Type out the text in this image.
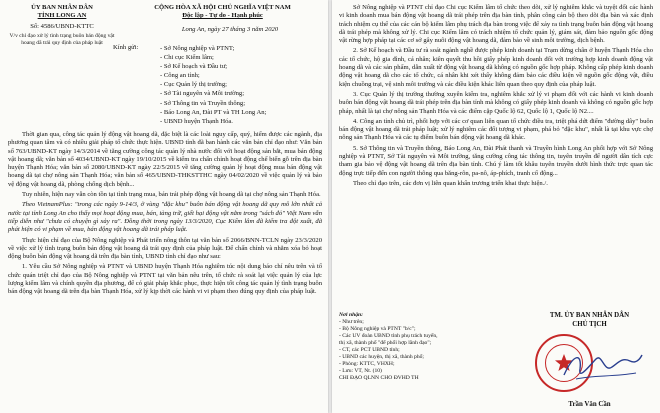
ỦY BAN NHÂN DÂN
TỈNH LONG AN
Số: 4586/UBND-KTTC
V/v chỉ đạo xử lý tình trạng buôn bán động vật hoang dã trái quy định của pháp luật
CỘNG HÒA XÃ HỘI CHỦ NGHĨA VIỆT NAM
Độc lập - Tự do - Hạnh phúc
Long An, ngày 27 tháng 3 năm 2020
Kính gửi:	- Sở Nông nghiệp và PTNT;

- Chi cục Kiểm lâm;

- Sở Kế hoạch và Đầu tư;

- Công an tỉnh;

- Cục Quản lý thị trường;

- Sở Tài nguyên và Môi trường;

- Sở Thông tin và Truyền thông;

- Báo Long An, Đài PT và TH Long An;

- UBND huyện Thạnh Hóa.

Thời gian qua, công tác quản lý động vật hoang dã, đặc biệt là các loài nguy cấp, quý, hiếm được các ngành, địa phương quan tâm và có nhiều giải pháp tổ chức thực hiện. UBND tỉnh đã ban hành các văn bản chỉ đạo như: Văn bản số 763/UBND-KT ngày 14/3/2014 về tăng cường công tác quản lý nhà nước đối với hoạt động sản bắt, mua bán động vật hoang dã; văn bản số 4034/UBND-KT ngày 19/10/2015 về kiểm tra chấn chỉnh hoạt động chế biến gỗ trên địa bàn huyện Thạnh Hóa; văn bản số 2080/UBND-KT ngày 22/5/2015 về tăng cường quản lý hoạt động mua bán động vật hoang dã tại chợ nông sản Thạnh Hóa; văn bản số 465/UBND-THKSTTHC ngày 04/02/2020 về việc quản lý và bảo vệ động vật hoang dã, phòng chống dịch bệnh...

Tuy nhiên, hiện nay vẫn còn tồn tại tình trạng mua, bán trái phép động vật hoang dã tại chợ nông sản Thạnh Hóa.

Theo VietnamPlus: "trong các ngày 9-14/3, ở vùng "đặc khu" buôn bán động vật hoang dã quy mô lớn nhất cả nước tại tỉnh Long An cho thấy mọi hoạt động mua, bán, tàng trữ, giết hại động vật nằm trong "sách đỏ" Việt Nam vẫn tiếp diễn như "chưa có chuyện gì xảy ra". Đồng thời trong ngày 13/3/2020, Cục Kiểm lâm đã kiểm tra đột xuất, đã phát hiện có vi phạm về mua, bán động vật hoang dã trái pháp luật.

Thực hiện chỉ đạo của Bộ Nông nghiệp và Phát triển nông thôn tại văn bản số 2066/BNN-TCLN ngày 23/3/2020 về việc xử lý tình trạng buôn bán động vật hoang dã trái quy định của pháp luật. Để chấn chỉnh và nhằm xóa bỏ hoạt động buôn bán động vật hoang dã trên địa bàn tỉnh, UBND tỉnh chỉ đạo như sau:

1. Yêu cầu Sở Nông nghiệp và PTNT và UBND huyện Thạnh Hóa nghiêm túc nội dung báo chí nêu trên và tổ chức quán triệt chỉ đạo của Bộ Nông nghiệp và PTNT tại văn bản nêu trên, tổ chức rà soát lại việc quản lý của lực lượng kiểm lâm và chính quyền địa phương, để có giải pháp khắc phục, thực hiện tốt công tác quản lý tình trạng buôn bán động vật hoang dã trên địa bàn Thạnh Hóa, xử lý kịp thời các hành vi vi phạm theo đúng quy định của pháp luật.

Sở Nông nghiệp và PTNT chỉ đạo Chi cục Kiểm lâm tổ chức theo dõi, xử lý nghiêm khắc và tuyệt đối các hành vi kinh doanh mua bán động vật hoang dã trái phép trên địa bàn tỉnh, phân công cán bộ theo dõi địa bàn và xác định trách nhiệm cụ thể của các cán bộ kiểm lâm phụ trách địa bàn trong việc để xảy ra tình trạng buôn bán động vật hoang dã trái phép mà không xử lý. Chi cục Kiểm lâm có trách nhiệm tổ chức quản lý, giám sát, đảm bảo nguồn gốc động vật rừng hợp pháp tại các cơ sở gây nuôi động vật hoang dã, đảm bảo về sinh môi trường, dịch bệnh.

2. Sở Kế hoạch và Đầu tư rà soát ngành nghề được phép kinh doanh tại Trạm dừng chân ở huyện Thạnh Hóa cho các tổ chức, hộ gia đình, cá nhân; kiên quyết thu hồi giấy phép kinh doanh đối với trường hợp kinh doanh động vật hoang dã và các sản phẩm, dẫn xuất từ động vật hoang dã không có nguồn gốc hợp pháp. Không cấp phép kinh doanh động vật hoang dã cho các tổ chức, cá nhân khi xét thấy không đảm bảo các điều kiện về nguồn gốc động vật, điều kiện chuồng trại, vệ sinh môi trường và các điều kiện khác liên quan theo quy định của pháp luật.

3. Cục Quản lý thị trường thường xuyên kiểm tra, nghiêm khắc xử lý vi phạm đối với các hành vi kinh doanh buôn bán động vật hoang dã trái phép trên địa bàn tỉnh mà không có giấy phép kinh doanh và không có nguồn gốc hợp pháp, nhất là tại chợ nông sản Thạnh Hóa và các điểm cặp Quốc lộ 62, Quốc lộ 1, Quốc lộ N2....

4. Công an tỉnh chủ trì, phối hợp với các cơ quan liên quan tổ chức điều tra, triệt phá dứt điểm "đường dây" buôn bán động vật hoang dã trái pháp luật; xử lý nghiêm các đối tượng vi phạm, phá bỏ "đặc khu", nhất là tại khu vực chợ nông sản Thạnh Hóa và các tụ điểm buôn bán động vật hoang dã khác.

5. Sở Thông tin và Truyền thông, Báo Long An, Đài Phát thanh và Truyền hình Long An phối hợp với Sở Nông nghiệp và PTNT, Sở Tài nguyên và Môi trường, tăng cường công tác thông tin, tuyên truyền để người dân tích cực tham gia bảo vệ động vật hoang dã trên địa bàn tỉnh. Chú ý làm tốt khâu tuyên truyền dưới hình thức trực quan tác động trực tiếp đến con người thông qua băng-rôn, pa-nô, áp-phích, tranh cổ động...

Theo chỉ đạo trên, các đơn vị liên quan khẩn trương triển khai thực hiện./.

Nơi nhận:
- Như trên;
- Bộ Nông nghiệp và PTNT "b/c";
- Các UV đoàn UBND tỉnh phụ trách tuyến,
thị xã, thành phố "để phối hợp lãnh đạo";
- CT, các PCT UBND tỉnh;
- UBND các huyện, thị xã, thành phố;
- Phòng: KTTC, VHXH;
- Lưu: VT, Nt. (10)
CHI ĐẠO QLNN CHO ĐVHD TH
TM. ỦY BAN NHÂN DÂN
CHỦ TỊCH
Trần Văn Cần
